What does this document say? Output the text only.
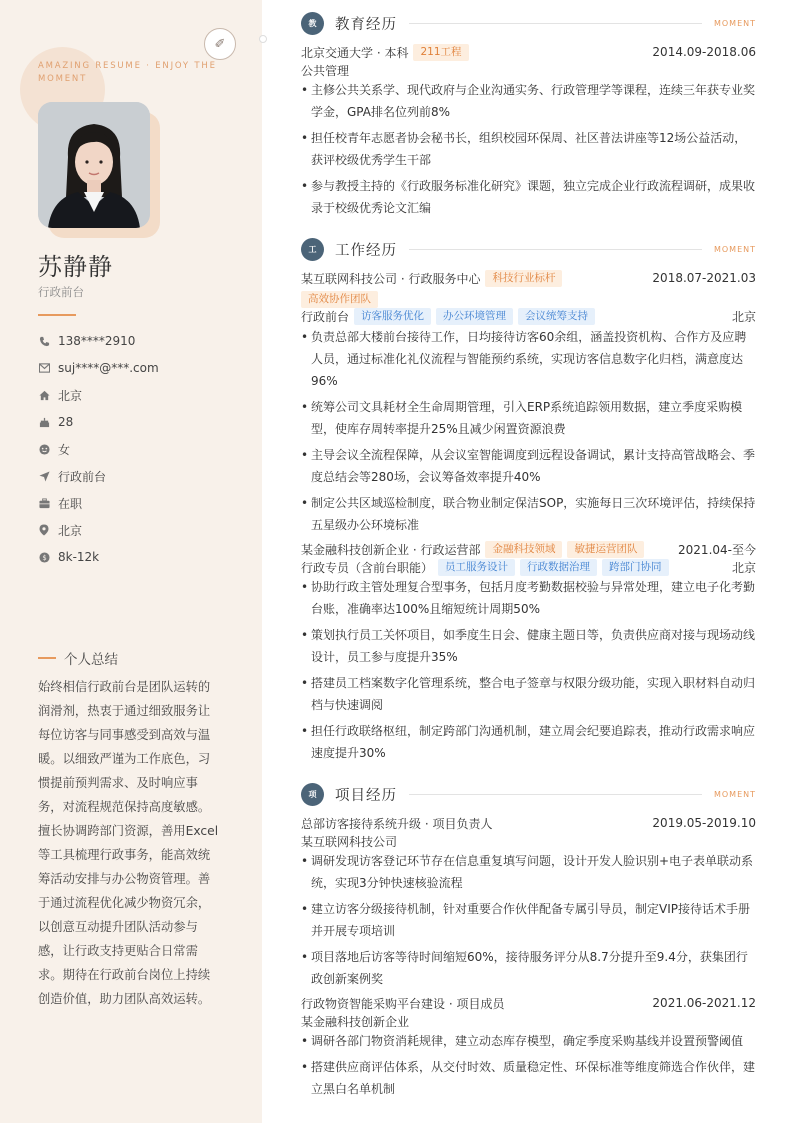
AMAZING RESUME · ENJOY THE MOMENT
苏静静
行政前台
138****2910
suj****@***.com
北京
28
女
行政前台
在职
北京
$ 8k-12k
个人总结
始终相信行政前台是团队运转的润滑剂，热衷于通过细致服务让每位访客与同事感受到高效与温暖。以细致严谨为工作底色，习惯提前预判需求、及时响应事务，对流程规范保持高度敏感。擅长协调跨部门资源，善用Excel等工具梳理行政事务，能高效统筹活动安排与办公物资管理。善于通过流程优化减少物资冗余，以创意互动提升团队活动参与感，让行政支持更贴合日常需求。期待在行政前台岗位上持续创造价值，助力团队高效运转。
✐
教	教育经历	MOMENT
北京交通大学 · 本科	211工程	2014.09-2018.06
公共管理
• 主修公共关系学、现代政府与企业沟通实务、行政管理学等课程，连续三年获专业奖学金，GPA排名位列前8%
• 担任校青年志愿者协会秘书长，组织校园环保周、社区普法讲座等12场公益活动，获评校级优秀学生干部
• 参与教授主持的《行政服务标准化研究》课题，独立完成企业行政流程调研，成果收录于校级优秀论文汇编
工	工作经历	MOMENT
某互联网科技公司 · 行政服务中心	科技行业标杆	2018.07-2021.03
高效协作团队
行政前台	访客服务优化	办公环境管理	会议统筹支持	北京
• 负责总部大楼前台接待工作，日均接待访客60余组，涵盖投资机构、合作方及应聘人员，通过标准化礼仪流程与智能预约系统，实现访客信息数字化归档，满意度达96%
• 统筹公司文具耗材全生命周期管理，引入ERP系统追踪领用数据，建立季度采购模型，使库存周转率提升25%且减少闲置资源浪费
• 主导会议全流程保障，从会议室智能调度到远程设备调试，累计支持高管战略会、季度总结会等280场，会议筹备效率提升40%
• 制定公共区域巡检制度，联合物业制定保洁SOP，实施每日三次环境评估，持续保持五星级办公环境标准
某金融科技创新企业 · 行政运营部	金融科技领域	敏捷运营团队	2021.04-至今
行政专员（含前台职能）	员工服务设计	行政数据治理	跨部门协同	北京
• 协助行政主管处理复合型事务，包括月度考勤数据校验与异常处理，建立电子化考勤台账，准确率达100%且缩短统计周期50%
• 策划执行员工关怀项目，如季度生日会、健康主题日等，负责供应商对接与现场动线设计，员工参与度提升35%
• 搭建员工档案数字化管理系统，整合电子签章与权限分级功能，实现入职材料自动归档与快速调阅
• 担任行政联络枢纽，制定跨部门沟通机制，建立周会纪要追踪表，推动行政需求响应速度提升30%
项	项目经历	MOMENT
总部访客接待系统升级 · 项目负责人	2019.05-2019.10
某互联网科技公司
• 调研发现访客登记环节存在信息重复填写问题，设计开发人脸识别+电子表单联动系统，实现3分钟快速核验流程
• 建立访客分级接待机制，针对重要合作伙伴配备专属引导员，制定VIP接待话术手册并开展专项培训
• 项目落地后访客等待时间缩短60%，接待服务评分从8.7分提升至9.4分，获集团行政创新案例奖
行政物资智能采购平台建设 · 项目成员	2021.06-2021.12
某金融科技创新企业
• 调研各部门物资消耗规律，建立动态库存模型，确定季度采购基线并设置预警阈值
• 搭建供应商评估体系，从交付时效、质量稳定性、环保标准等维度筛选合作伙伴，建立黑白名单机制
